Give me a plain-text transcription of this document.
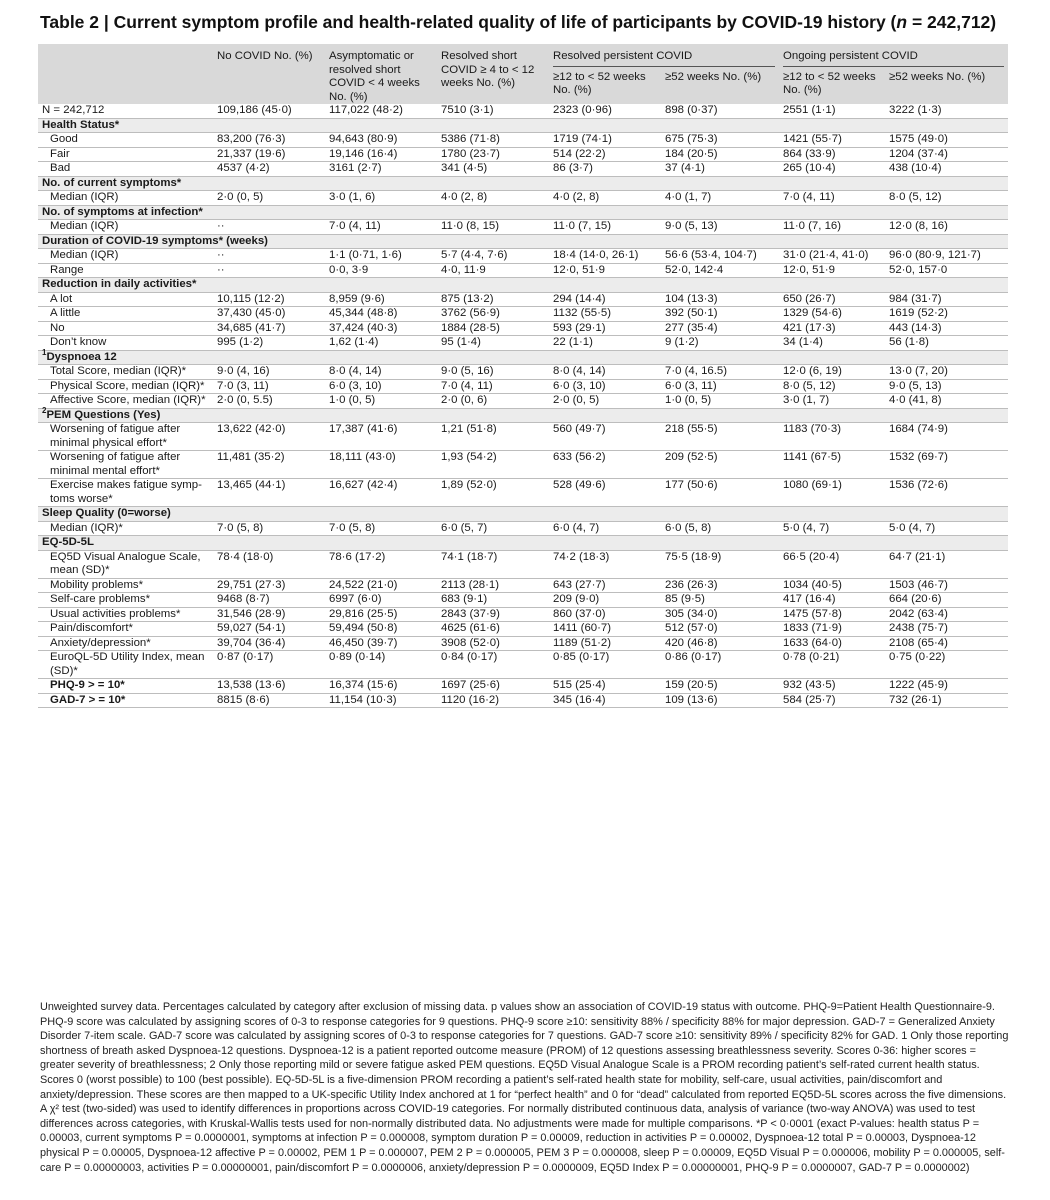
Table 2 | Current symptom profile and health-related quality of life of participants by COVID-19 history (n = 242,712)
	No COVID No. (%)	Asymptomatic or resolved short COVID < 4 weeks No. (%)	Resolved short COVID ≥ 4 to < 12 weeks No. (%)	Resolved persistent COVID		Ongoing persistent COVID	

				≥12 to < 52 weeks No. (%)	≥52 weeks No. (%)	≥12 to < 52 weeks No. (%)	≥52 weeks No. (%)
N = 242,712	109,186 (45·0)	117,022 (48·2)	7510 (3·1)	2323 (0·96)	898 (0·37)	2551 (1·1)	3222 (1·3)
Health Status*							
Good	83,200 (76·3)	94,643 (80·9)	5386 (71·8)	1719 (74·1)	675 (75·3)	1421 (55·7)	1575 (49·0)
Fair	21,337 (19·6)	19,146 (16·4)	1780 (23·7)	514 (22·2)	184 (20·5)	864 (33·9)	1204 (37·4)
Bad	4537 (4·2)	3161 (2·7)	341 (4·5)	86 (3·7)	37 (4·1)	265 (10·4)	438 (10·4)
No. of current symptoms*							
Median (IQR)	2·0 (0, 5)	3·0 (1, 6)	4·0 (2, 8)	4·0 (2, 8)	4·0 (1, 7)	7·0 (4, 11)	8·0 (5, 12)
No. of symptoms at infection*							
Median (IQR)	··	7·0 (4, 11)	11·0 (8, 15)	11·0 (7, 15)	9·0 (5, 13)	11·0 (7, 16)	12·0 (8, 16)
Duration of COVID-19 symptoms* (weeks)							
Median (IQR)	··	1·1 (0·71, 1·6)	5·7 (4·4, 7·6)	18·4 (14·0, 26·1)	56·6 (53·4, 104·7)	31·0 (21·4, 41·0)	96·0 (80·9, 121·7)
Range	··	0·0, 3·9	4·0, 11·9	12·0, 51·9	52·0, 142·4	12·0, 51·9	52·0, 157·0
Reduction in daily activities*							
A lot	10,115 (12·2)	8,959 (9·6)	875 (13·2)	294 (14·4)	104 (13·3)	650 (26·7)	984 (31·7)
A little	37,430 (45·0)	45,344 (48·8)	3762 (56·9)	1132 (55·5)	392 (50·1)	1329 (54·6)	1619 (52·2)
No	34,685 (41·7)	37,424 (40·3)	1884 (28·5)	593 (29·1)	277 (35·4)	421 (17·3)	443 (14·3)
Don’t know	995 (1·2)	1,62 (1·4)	95 (1·4)	22 (1·1)	9 (1·2)	34 (1·4)	56 (1·8)
$^1$Dyspnoea 12							
Total Score, median (IQR)*	9·0 (4, 16)	8·0 (4, 14)	9·0 (5, 16)	8·0 (4, 14)	7·0 (4, 16.5)	12·0 (6, 19)	13·0 (7, 20)
Physical Score, median (IQR)*	7·0 (3, 11)	6·0 (3, 10)	7·0 (4, 11)	6·0 (3, 10)	6·0 (3, 11)	8·0 (5, 12)	9·0 (5, 13)
Affective Score, median (IQR)*	2·0 (0, 5.5)	1·0 (0, 5)	2·0 (0, 6)	2·0 (0, 5)	1·0 (0, 5)	3·0 (1, 7)	4·0 (41, 8)
$^2$PEM Questions (Yes)							
Worsening of fatigue after minimal physical effort*	13,622 (42·0)	17,387 (41·6)	1,21 (51·8)	560 (49·7)	218 (55·5)	1183 (70·3)	1684 (74·9)
Worsening of fatigue after minimal mental effort*	11,481 (35·2)	18,111 (43·0)	1,93 (54·2)	633 (56·2)	209 (52·5)	1141 (67·5)	1532 (69·7)
Exercise makes fatigue symp-toms worse*	13,465 (44·1)	16,627 (42·4)	1,89 (52·0)	528 (49·6)	177 (50·6)	1080 (69·1)	1536 (72·6)
Sleep Quality (0=worse)							
Median (IQR)*	7·0 (5, 8)	7·0 (5, 8)	6·0 (5, 7)	6·0 (4, 7)	6·0 (5, 8)	5·0 (4, 7)	5·0 (4, 7)
EQ-5D-5L							
EQ5D Visual Analogue Scale, mean (SD)*	78·4 (18·0)	78·6 (17·2)	74·1 (18·7)	74·2 (18·3)	75·5 (18·9)	66·5 (20·4)	64·7 (21·1)
Mobility problems*	29,751 (27·3)	24,522 (21·0)	2113 (28·1)	643 (27·7)	236 (26·3)	1034 (40·5)	1503 (46·7)
Self-care problems*	9468 (8·7)	6997 (6·0)	683 (9·1)	209 (9·0)	85 (9·5)	417 (16·4)	664 (20·6)
Usual activities problems*	31,546 (28·9)	29,816 (25·5)	2843 (37·9)	860 (37·0)	305 (34·0)	1475 (57·8)	2042 (63·4)
Pain/discomfort*	59,027 (54·1)	59,494 (50·8)	4625 (61·6)	1411 (60·7)	512 (57·0)	1833 (71·9)	2438 (75·7)
Anxiety/depression*	39,704 (36·4)	46,450 (39·7)	3908 (52·0)	1189 (51·2)	420 (46·8)	1633 (64·0)	2108 (65·4)
EuroQL-5D Utility Index, mean (SD)*	0·87 (0·17)	0·89 (0·14)	0·84 (0·17)	0·85 (0·17)	0·86 (0·17)	0·78 (0·21)	0·75 (0·22)
PHQ-9 > = 10*	13,538 (13·6)	16,374 (15·6)	1697 (25·6)	515 (25·4)	159 (20·5)	932 (43·5)	1222 (45·9)
GAD-7 > = 10*	8815 (8·6)	11,154 (10·3)	1120 (16·2)	345 (16·4)	109 (13·6)	584 (25·7)	732 (26·1)

Unweighted survey data. Percentages calculated by category after exclusion of missing data. p values show an association of COVID-19 status with outcome. PHQ-9=Patient Health Questionnaire-9. PHQ-9 score was calculated by assigning scores of 0-3 to response categories for 9 questions. PHQ-9 score ≥10: sensitivity 88% / specificity 88% for major depression. GAD-7 = Generalized Anxiety Disorder 7-item scale. GAD-7 score was calculated by assigning scores of 0-3 to response categories for 7 questions. GAD-7 score ≥10: sensitivity 89% / specificity 82% for GAD. 1 Only those reporting shortness of breath asked Dyspnoea-12 questions. Dyspnoea-12 is a patient reported outcome measure (PROM) of 12 questions assessing breathlessness severity. Scores 0-36: higher scores = greater severity of breathlessness; 2 Only those reporting mild or severe fatigue asked PEM questions. EQ5D Visual Analogue Scale is a PROM recording patient’s self-rated current health status. Scores 0 (worst possible) to 100 (best possible). EQ-5D-5L is a five-dimension PROM recording a patient’s self-rated health state for mobility, self-care, usual activities, pain/discomfort and anxiety/depression. These scores are then mapped to a UK-specific Utility Index anchored at 1 for “perfect health” and 0 for “dead” calculated from reported EQ5D-5L scores across the five dimensions. A χ² test (two-sided) was used to identify differences in proportions across COVID-19 categories. For normally distributed continuous data, analysis of variance (two-way ANOVA) was used to test differences across categories, with Kruskal-Wallis tests used for non-normally distributed data. No adjustments were made for multiple comparisons. *P < 0·0001 (exact P-values: health status P = 0.00003, current symptoms P = 0.0000001, symptoms at infection P = 0.000008, symptom duration P = 0.00009, reduction in activities P = 0.00002, Dyspnoea-12 total P = 0.00003, Dyspnoea-12 physical P = 0.00005, Dyspnoea-12 affective P = 0.00002, PEM 1 P = 0.000007, PEM 2 P = 0.000005, PEM 3 P = 0.000008, sleep P = 0.00009, EQ5D Visual P = 0.000006, mobility P = 0.000005, self-care P = 0.00000003, activities P = 0.00000001, pain/discomfort P = 0.0000006, anxiety/depression P = 0.0000009, EQ5D Index P = 0.00000001, PHQ-9 P = 0.0000007, GAD-7 P = 0.0000002)
